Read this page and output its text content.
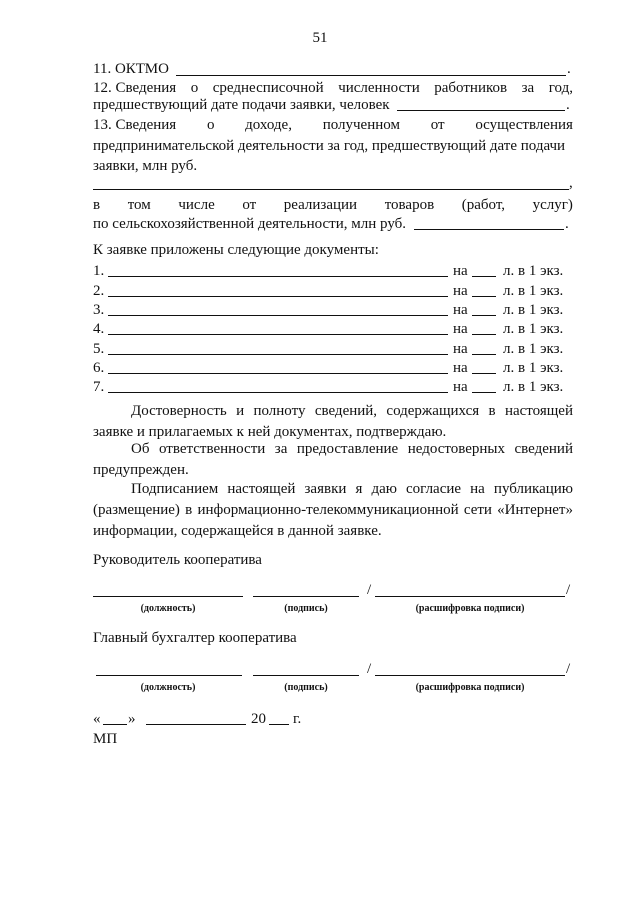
51
11. ОКТМО	.
12. Сведения о среднесписочной численности работников за год,
предшествующий дате подачи заявки, человек	.
13. Сведения о доходе, полученном от осуществления
предпринимательской деятельности за год, предшествующий дате подачи
заявки, млн руб.
,
в том числе от реализации товаров (работ, услуг)
по сельскохозяйственной деятельности, млн руб.	.
К заявке приложены следующие документы:
1.	на л. в 1 экз.
2.	на л. в 1 экз.
3.	на л. в 1 экз.
4.	на л. в 1 экз.
5.	на л. в 1 экз.
6.	на л. в 1 экз.
7.	на л. в 1 экз.
Достоверность и полноту сведений, содержащихся в настоящей заявке и прилагаемых к ней документах, подтверждаю.
Об ответственности за предоставление недостоверных сведений предупрежден.
Подписанием настоящей заявки я даю согласие на публикацию (размещение) в информационно-телекоммуникационной сети «Интернет» информации, содержащейся в данной заявке.
Руководитель кооператива
/	/
(должность)	(подпись)	(расшифровка подписи)
Главный бухгалтер кооператива
/	/
(должность)	(подпись)	(расшифровка подписи)
« »	20 г.
МП
